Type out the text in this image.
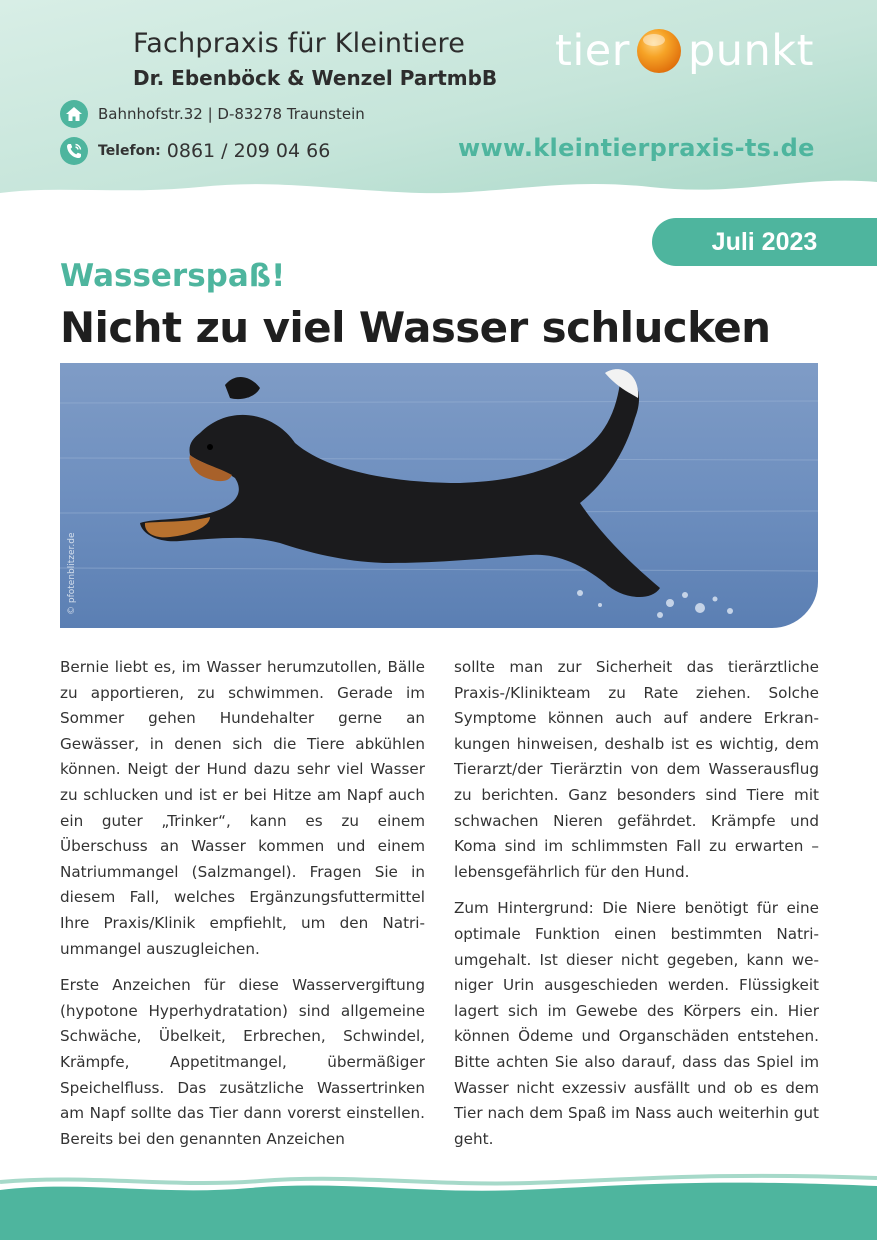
Fachpraxis für Kleintiere
Dr. Ebenböck & Wenzel PartmbB
Bahnhofstr.32 | D-83278 Traunstein
Telefon: 0861 / 209 04 66
tier punkt
www.kleintierpraxis-ts.de
Juli 2023
Wasserspaß!
Nicht zu viel Wasser schlucken
© pfotenblitzer.de

Bernie liebt es, im Wasser herumzutollen, Bälle zu apportieren, zu schwimmen. Gerade im Sommer gehen Hundehalter gerne an Gewässer, in denen sich die Tiere abkühlen können. Neigt der Hund dazu sehr viel Wasser zu schlucken und ist er bei Hitze am Napf auch ein guter „Trinker“, kann es zu einem Überschuss an Wasser kommen und einem Natriummangel (Salzmangel). Fragen Sie in diesem Fall, welches Ergänzungsfuttermittel Ihre Praxis/Klinik empfiehlt, um den Natriummangel auszugleichen.

Erste Anzeichen für diese Wasservergiftung (hypotone Hyperhydratation) sind allgemeine Schwäche, Übelkeit, Erbrechen, Schwindel, Krämpfe, Appetitmangel, übermäßiger Speichelfluss. Das zusätzliche Wassertrinken am Napf sollte das Tier dann vorerst einstellen. Bereits bei den genannten Anzeichen

sollte man zur Sicherheit das tierärztliche Praxis-/Klinikteam zu Rate ziehen. Solche Symptome können auch auf andere Erkrankungen hinweisen, deshalb ist es wichtig, dem Tierarzt/der Tierärztin von dem Wasserausflug zu berichten. Ganz besonders sind Tiere mit schwachen Nieren gefährdet. Krämpfe und Koma sind im schlimmsten Fall zu erwarten – lebensgefährlich für den Hund.

Zum Hintergrund: Die Niere benötigt für eine optimale Funktion einen bestimmten Natriumgehalt. Ist dieser nicht gegeben, kann weniger Urin ausgeschieden werden. Flüssigkeit lagert sich im Gewebe des Körpers ein. Hier können Ödeme und Organschäden entstehen. Bitte achten Sie also darauf, dass das Spiel im Wasser nicht exzessiv ausfällt und ob es dem Tier nach dem Spaß im Nass auch weiterhin gut geht.
